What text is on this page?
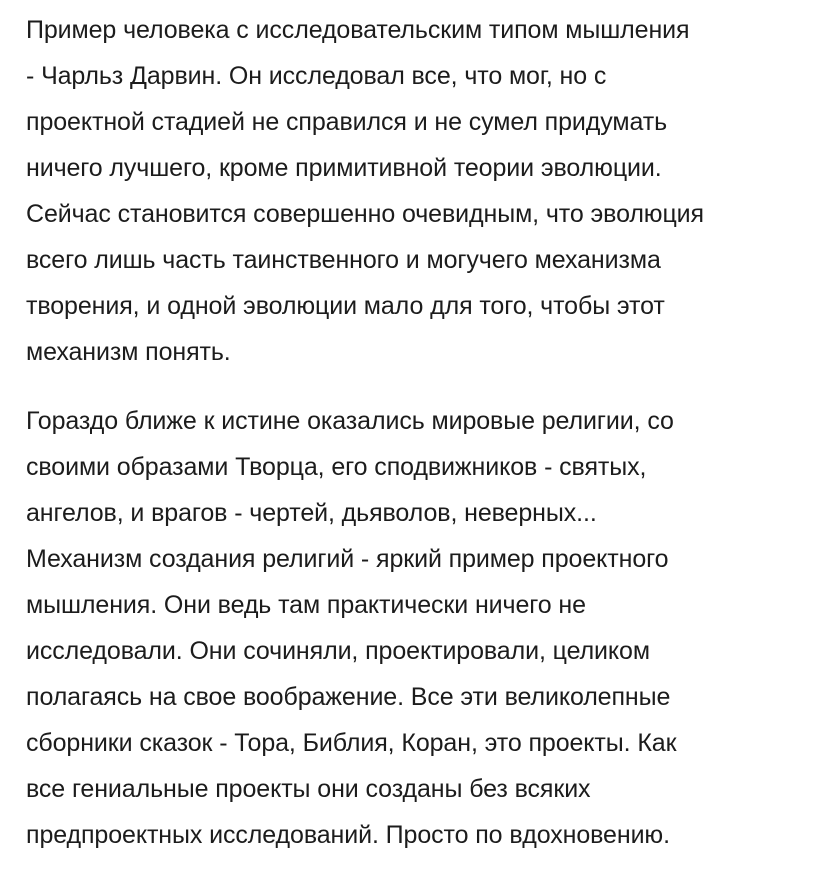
Пример человека с исследовательским типом мышления
- Чарльз Дарвин. Он исследовал все, что мог, но с
проектной стадией не справился и не сумел придумать
ничего лучшего, кроме примитивной теории эволюции.
Сейчас становится совершенно очевидным, что эволюция
всего лишь часть таинственного и могучего механизма
творения, и одной эволюции мало для того, чтобы этот
механизм понять.

Гораздо ближе к истине оказались мировые религии, со
своими образами Творца, его сподвижников - святых,
ангелов, и врагов - чертей, дьяволов, неверных...
Механизм создания религий - яркий пример проектного
мышления. Они ведь там практически ничего не
исследовали. Они сочиняли, проектировали, целиком
полагаясь на свое воображение. Все эти великолепные
сборники сказок - Тора, Библия, Коран, это проекты. Как
все гениальные проекты они созданы без всяких
предпроектных исследований. Просто по вдохновению.
